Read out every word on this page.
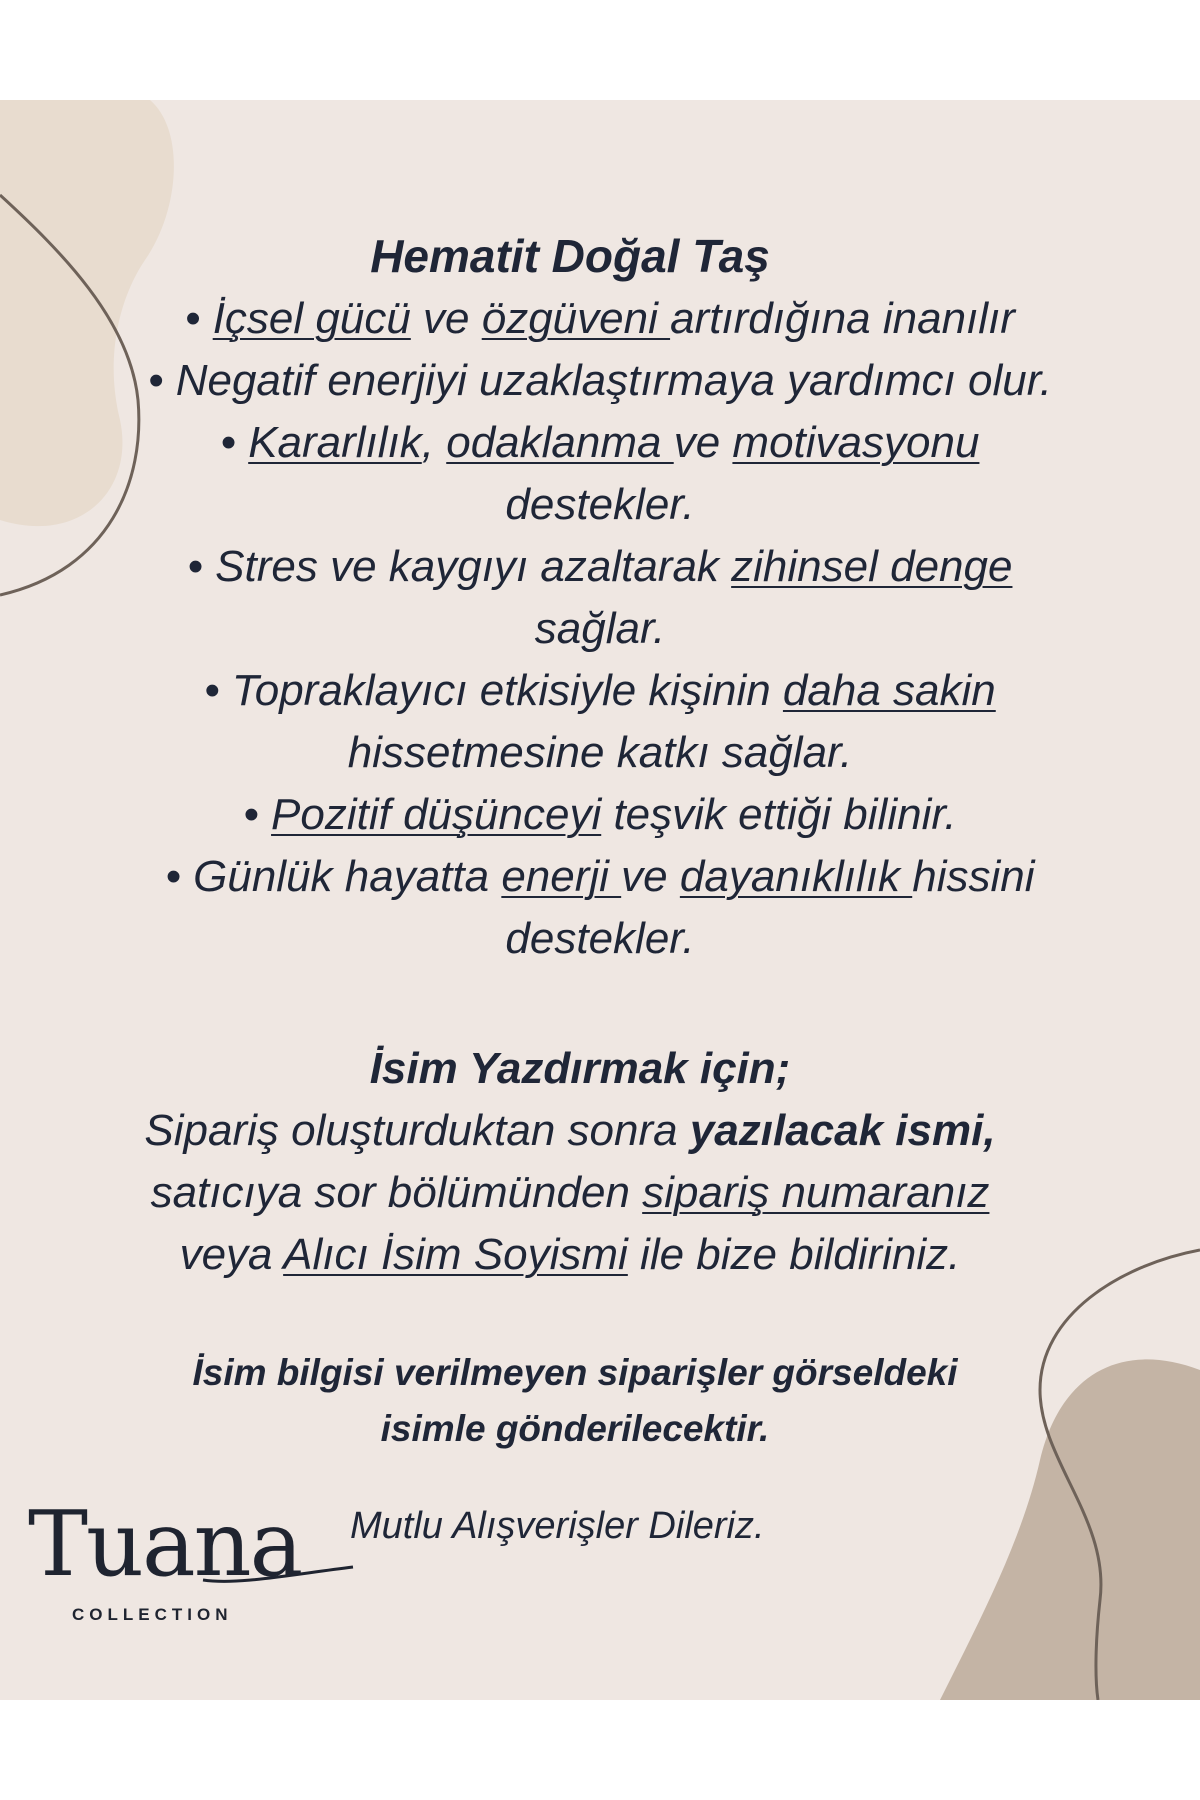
Hematit Doğal Taş

• İçsel gücü ve özgüveni artırdığına inanılır

• Negatif enerjiyi uzaklaştırmaya yardımcı olur.

• Kararlılık, odaklanma ve motivasyonu

destekler.

• Stres ve kaygıyı azaltarak zihinsel denge

sağlar.

• Topraklayıcı etkisiyle kişinin daha sakin

hissetmesine katkı sağlar.

• Pozitif düşünceyi teşvik ettiği bilinir.

• Günlük hayatta enerji ve dayanıklılık hissini

destekler.

İsim Yazdırmak için;

Sipariş oluşturduktan sonra yazılacak ismi,

satıcıya sor bölümünden sipariş numaranız

veya Alıcı İsim Soyismi ile bize bildiriniz.

İsim bilgisi verilmeyen siparişler görseldeki
isimle gönderilecektir.
Tuana
COLLECTION

Mutlu Alışverişler Dileriz.
